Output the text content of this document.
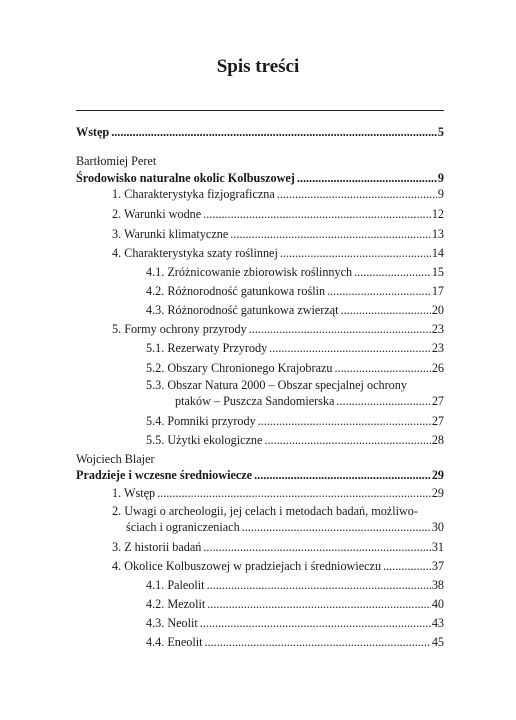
Spis treści
Wstęp .....	5
Bartłomiej Peret
Środowisko naturalne okolic Kolbuszowej .....	9
1. Charakterystyka fizjograficzna .....	9
2. Warunki wodne .....	12
3. Warunki klimatyczne .....	13
4. Charakterystyka szaty roślinnej .....	14
4.1. Zróżnicowanie zbiorowisk roślinnych .....	15
4.2. Różnorodność gatunkowa roślin .....	17
4.3. Różnorodność gatunkowa zwierząt .....	20
5. Formy ochrony przyrody .....	23
5.1. Rezerwaty Przyrody .....	23
5.2. Obszary Chronionego Krajobrazu .....	26
5.3. Obszar Natura 2000 – Obszar specjalnej ochrony
ptaków – Puszcza Sandomierska .....	27
5.4. Pomniki przyrody .....	27
5.5. Użytki ekologiczne .....	28
Wojciech Blajer
Pradzieje i wczesne średniowiecze .....	29
1. Wstęp .....	29
2. Uwagi o archeologii, jej celach i metodach badań, możliwo-
ściach i ograniczeniach .....	30
3. Z historii badań .....	31
4. Okolice Kolbuszowej w pradziejach i średniowieczu .....	37
4.1. Paleolit .....	38
4.2. Mezolit .....	40
4.3. Neolit .....	43
4.4. Eneolit .....	45
